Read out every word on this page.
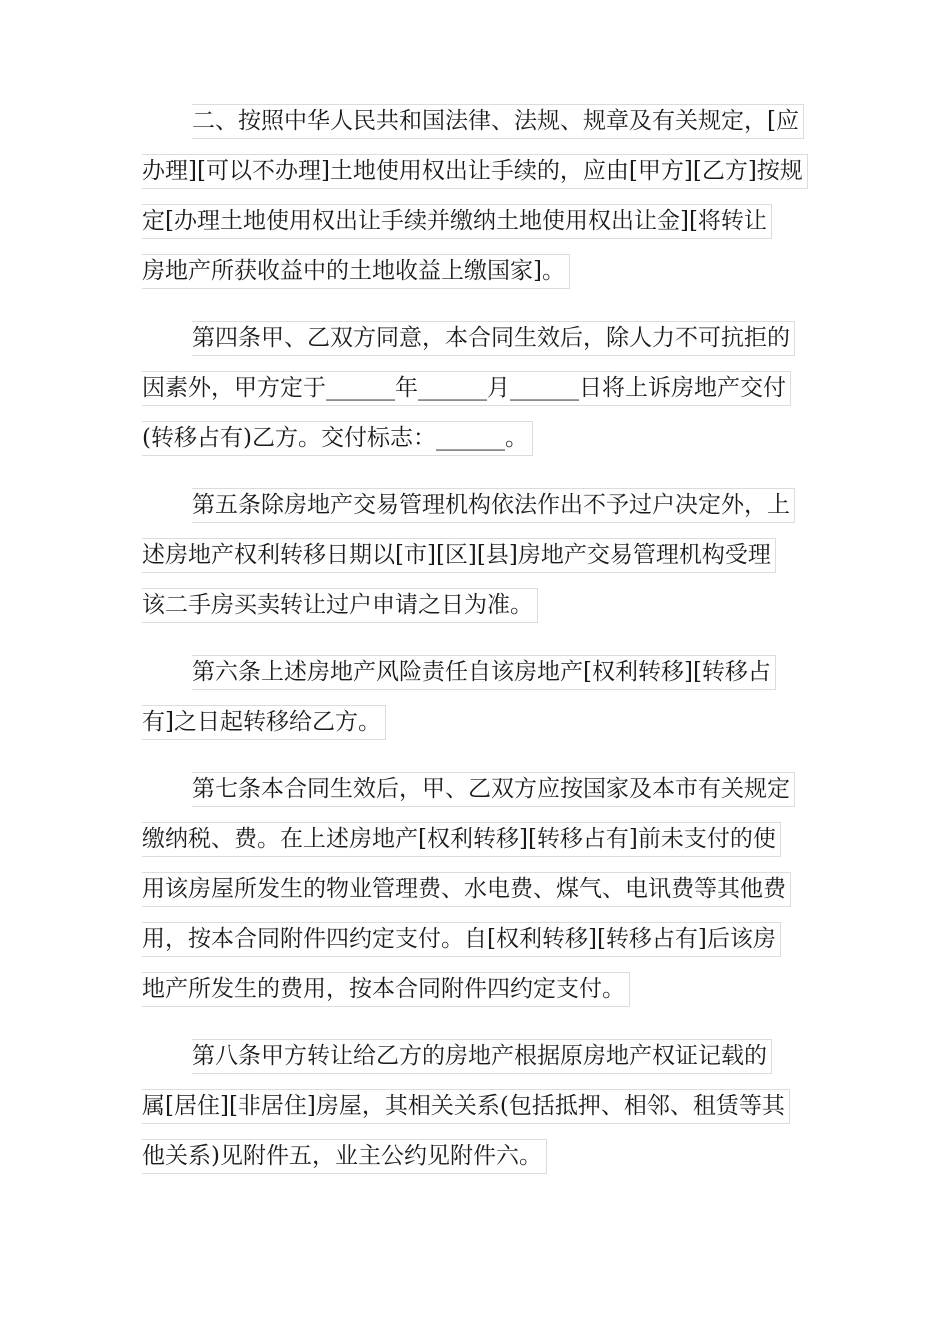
二、按照中华人民共和国法律、法规、规章及有关规定，[应
办理][可以不办理]土地使用权出让手续的，应由[甲方][乙方]按规
定[办理土地使用权出让手续并缴纳土地使用权出让金][将转让
房地产所获收益中的土地收益上缴国家]。
第四条甲、乙双方同意，本合同生效后，除人力不可抗拒的
因素外，甲方定于______年______月______日将上诉房地产交付
(转移占有)乙方。交付标志：______。
第五条除房地产交易管理机构依法作出不予过户决定外，上
述房地产权利转移日期以[市][区][县]房地产交易管理机构受理
该二手房买卖转让过户申请之日为准。
第六条上述房地产风险责任自该房地产[权利转移][转移占
有]之日起转移给乙方。
第七条本合同生效后，甲、乙双方应按国家及本市有关规定
缴纳税、费。在上述房地产[权利转移][转移占有]前未支付的使
用该房屋所发生的物业管理费、水电费、煤气、电讯费等其他费
用，按本合同附件四约定支付。自[权利转移][转移占有]后该房
地产所发生的费用，按本合同附件四约定支付。
第八条甲方转让给乙方的房地产根据原房地产权证记载的
属[居住][非居住]房屋，其相关关系(包括抵押、相邻、租赁等其
他关系)见附件五，业主公约见附件六。
